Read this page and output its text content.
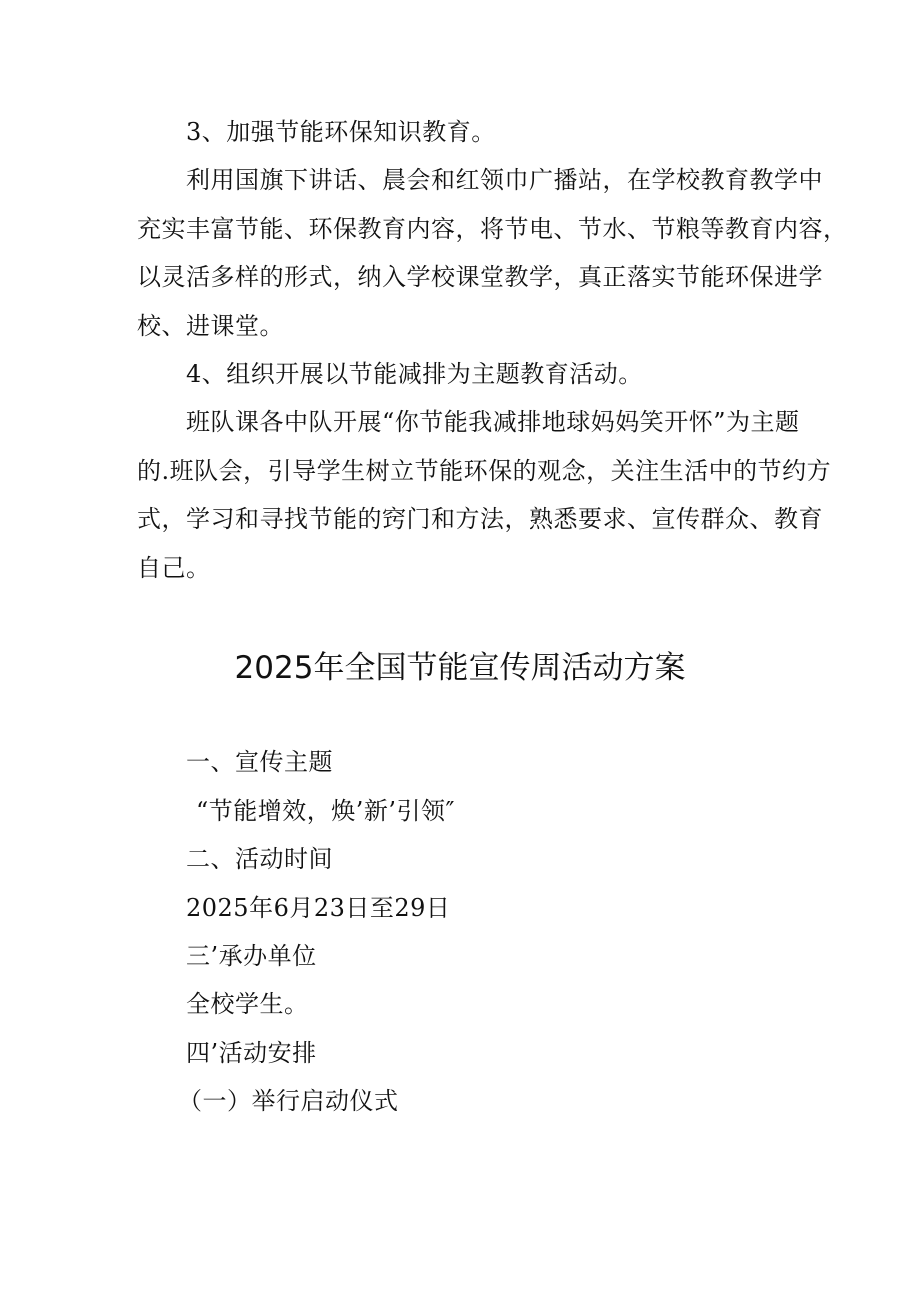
3、加强节能环保知识教育。
利用国旗下讲话、晨会和红领巾广播站，在学校教育教学中
充实丰富节能、环保教育内容，将节电、节水、节粮等教育内容，
以灵活多样的形式，纳入学校课堂教学，真正落实节能环保进学
校、进课堂。
4、组织开展以节能减排为主题教育活动。
班队课各中队开展“你节能我减排地球妈妈笑开怀”为主题
的.班队会，引导学生树立节能环保的观念，关注生活中的节约方
式，学习和寻找节能的窍门和方法，熟悉要求、宣传群众、教育
自己。
2025年全国节能宣传周活动方案
一、宣传主题
“节能增效，焕’新’引领″
二、活动时间
2025年6月23日至29日
三’承办单位
全校学生。
四’活动安排
（一）举行启动仪式
